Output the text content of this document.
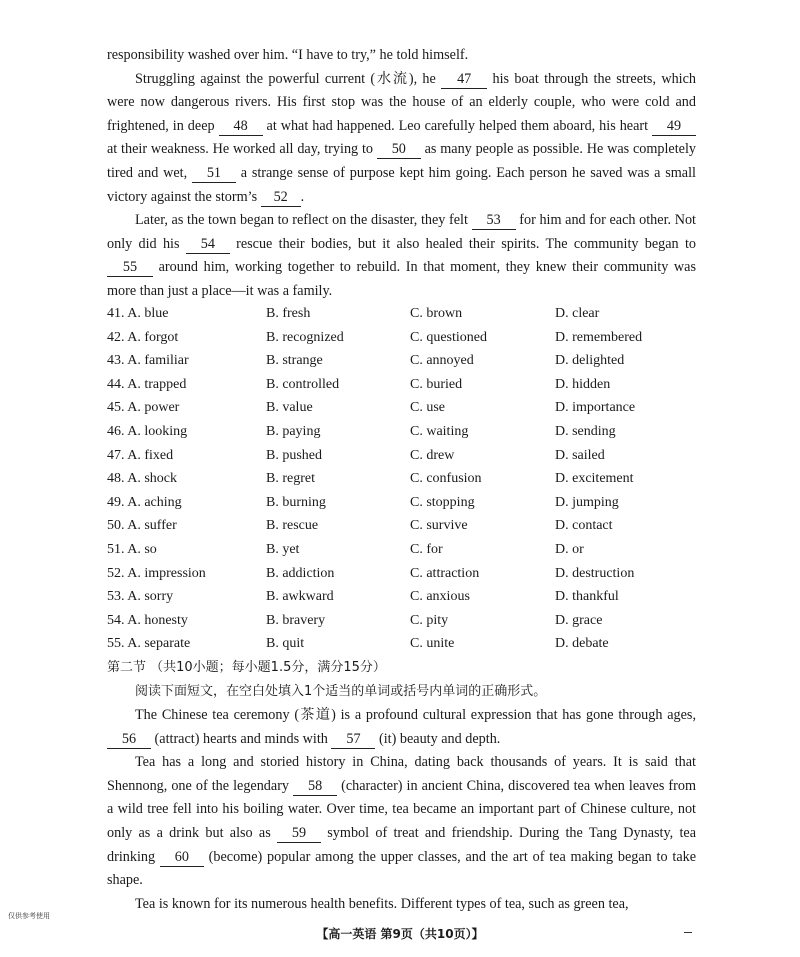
responsibility washed over him. “I have to try,” he told himself.

Struggling against the powerful current (水流), he 47 his boat through the streets, which were now dangerous rivers. His first stop was the house of an elderly couple, who were cold and frightened, in deep 48 at what had happened. Leo carefully helped them aboard, his heart 49 at their weakness. He worked all day, trying to 50 as many people as possible. He was completely tired and wet, 51 a strange sense of purpose kept him going. Each person he saved was a small victory against the storm’s 52 .

Later, as the town began to reflect on the disaster, they felt 53 for him and for each other. Not only did his 54 rescue their bodies, but it also healed their spirits. The community began to 55 around him, working together to rebuild. In that moment, they knew their community was more than just a place—it was a family.

41. A. blue	B. fresh	C. brown	D. clear
42. A. forgot	B. recognized	C. questioned	D. remembered
43. A. familiar	B. strange	C. annoyed	D. delighted
44. A. trapped	B. controlled	C. buried	D. hidden
45. A. power	B. value	C. use	D. importance
46. A. looking	B. paying	C. waiting	D. sending
47. A. fixed	B. pushed	C. drew	D. sailed
48. A. shock	B. regret	C. confusion	D. excitement
49. A. aching	B. burning	C. stopping	D. jumping
50. A. suffer	B. rescue	C. survive	D. contact
51. A. so	B. yet	C. for	D. or
52. A. impression	B. addiction	C. attraction	D. destruction
53. A. sorry	B. awkward	C. anxious	D. thankful
54. A. honesty	B. bravery	C. pity	D. grace
55. A. separate	B. quit	C. unite	D. debate
第二节 （共10小题；每小题1.5分，满分15分）
阅读下面短文，在空白处填入1个适当的单词或括号内单词的正确形式。

The Chinese tea ceremony (茶道) is a profound cultural expression that has gone through ages, 56 (attract) hearts and minds with 57 (it) beauty and depth.

Tea has a long and storied history in China, dating back thousands of years. It is said that Shennong, one of the legendary 58 (character) in ancient China, discovered tea when leaves from a wild tree fell into his boiling water. Over time, tea became an important part of Chinese culture, not only as a drink but also as 59 symbol of treat and friendship. During the Tang Dynasty, tea drinking 60 (become) popular among the upper classes, and the art of tea making began to take shape.

Tea is known for its numerous health benefits. Different types of tea, such as green tea,

仅供参考使用
【高一英语 第9页（共10页）】
